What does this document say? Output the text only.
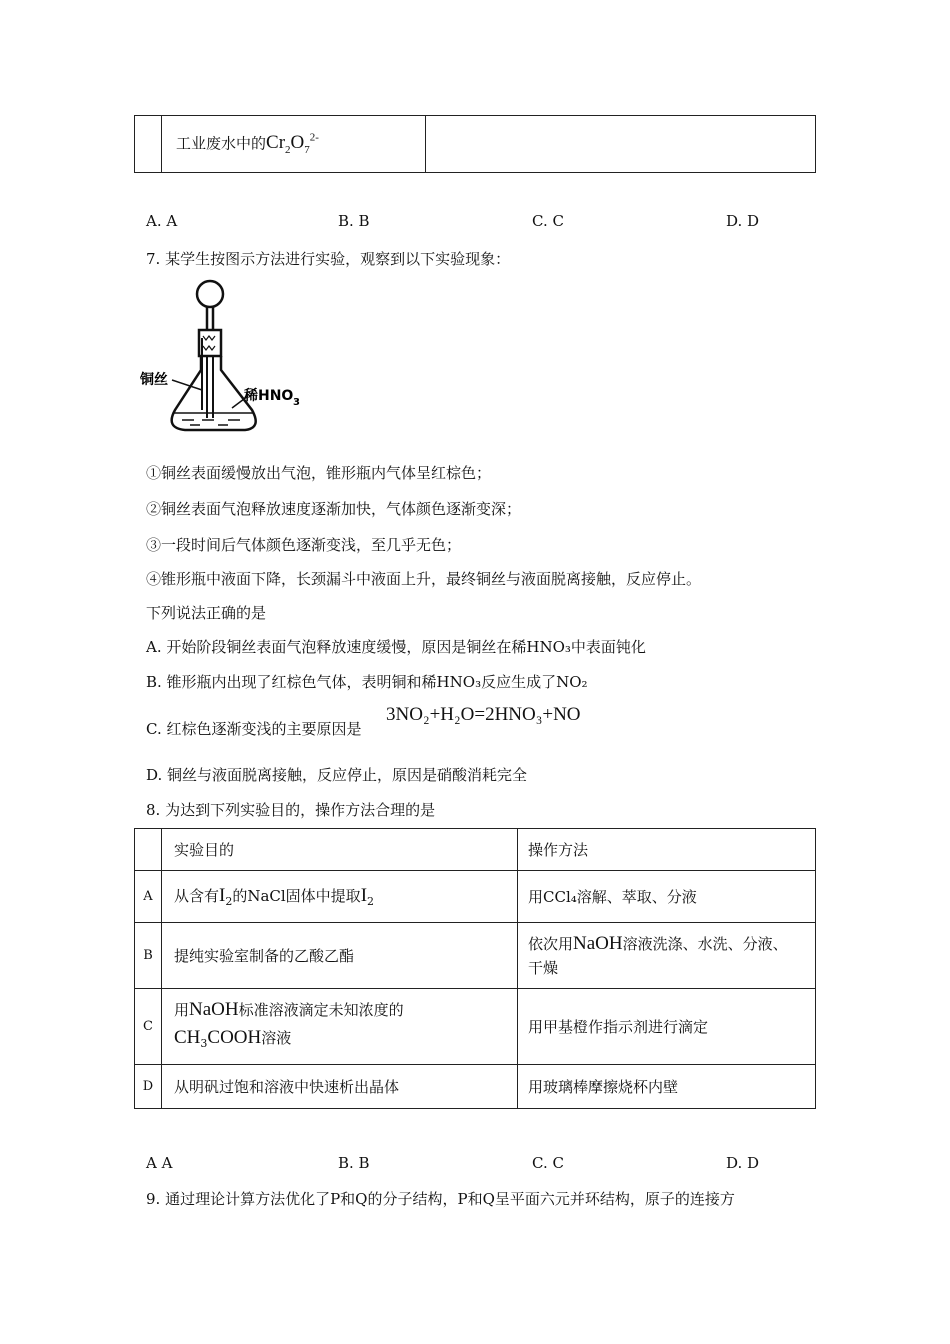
	工业废水中的$Cr_2O_7^{2-}$	
A. A	B. B	C. C	D. D
7. 某学生按图示方法进行实验，观察到以下实验现象：
铜丝
稀HNO 3
①铜丝表面缓慢放出气泡，锥形瓶内气体呈红棕色；
②铜丝表面气泡释放速度逐渐加快，气体颜色逐渐变深；
③一段时间后气体颜色逐渐变浅，至几乎无色；
④锥形瓶中液面下降，长颈漏斗中液面上升，最终铜丝与液面脱离接触，反应停止。
下列说法正确的是
A. 开始阶段铜丝表面气泡释放速度缓慢，原因是铜丝在稀HNO₃中表面钝化
B. 锥形瓶内出现了红棕色气体，表明铜和稀HNO₃反应生成了NO₂
C. 红棕色逐渐变浅的主要原因是
3NO₂+H₂O=2HNO₃+NO
D. 铜丝与液面脱离接触，反应停止，原因是硝酸消耗完全
8. 为达到下列实验目的，操作方法合理的是
	实验目的	操作方法
A	从含有$I_2$的NaCl固体中提取$I_2$	用CCl₄溶解、萃取、分液
B	提纯实验室制备的乙酸乙酯	依次用NaOH溶液洗涤、水洗、分液、
干燥
C	用NaOH标准溶液滴定未知浓度的
$CH_3COOH$溶液	用甲基橙作指示剂进行滴定
D	从明矾过饱和溶液中快速析出晶体	用玻璃棒摩擦烧杯内壁
A A	B. B	C. C	D. D
9. 通过理论计算方法优化了P和Q的分子结构，P和Q呈平面六元并环结构，原子的连接方
